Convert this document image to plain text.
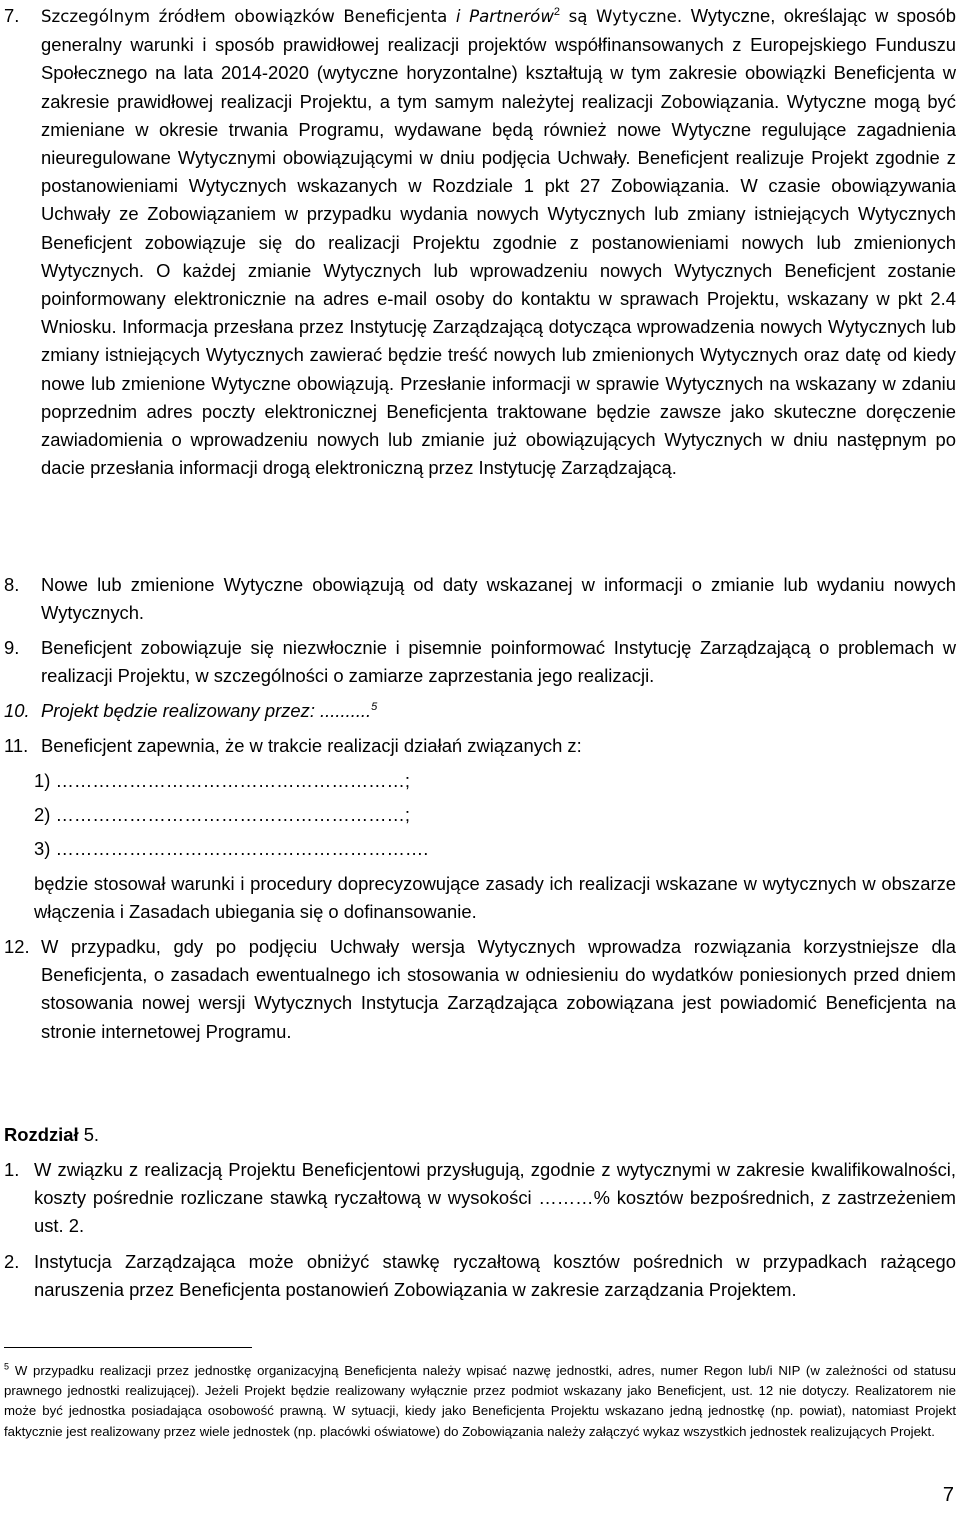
7. Szczególnym źródłem obowiązków Beneficjenta i Partnerów$^2$ są Wytyczne. Wytyczne, określając w sposób generalny warunki i sposób prawidłowej realizacji projektów współfinansowanych z Europejskiego Funduszu Społecznego na lata 2014-2020 (wytyczne horyzontalne) kształtują w tym zakresie obowiązki Beneficjenta w zakresie prawidłowej realizacji Projektu, a tym samym należytej realizacji Zobowiązania. Wytyczne mogą być zmieniane w okresie trwania Programu, wydawane będą również nowe Wytyczne regulujące zagadnienia nieuregulowane Wytycznymi obowiązującymi w dniu podjęcia Uchwały. Beneficjent realizuje Projekt zgodnie z postanowieniami Wytycznych wskazanych w Rozdziale 1 pkt 27 Zobowiązania. W czasie obowiązywania Uchwały ze Zobowiązaniem w przypadku wydania nowych Wytycznych lub zmiany istniejących Wytycznych Beneficjent zobowiązuje się do realizacji Projektu zgodnie z postanowieniami nowych lub zmienionych Wytycznych. O każdej zmianie Wytycznych lub wprowadzeniu nowych Wytycznych Beneficjent zostanie poinformowany elektronicznie na adres e-mail osoby do kontaktu w sprawach Projektu, wskazany w pkt 2.4 Wniosku. Informacja przesłana przez Instytucję Zarządzającą dotycząca wprowadzenia nowych Wytycznych lub zmiany istniejących Wytycznych zawierać będzie treść nowych lub zmienionych Wytycznych oraz datę od kiedy nowe lub zmienione Wytyczne obowiązują. Przesłanie informacji w sprawie Wytycznych na wskazany w zdaniu poprzednim adres poczty elektronicznej Beneficjenta traktowane będzie zawsze jako skuteczne doręczenie zawiadomienia o wprowadzeniu nowych lub zmianie już obowiązujących Wytycznych w dniu następnym po dacie przesłania informacji drogą elektroniczną przez Instytucję Zarządzającą.

8. Nowe lub zmienione Wytyczne obowiązują od daty wskazanej w informacji o zmianie lub wydaniu nowych Wytycznych.

9. Beneficjent zobowiązuje się niezwłocznie i pisemnie poinformować Instytucję Zarządzającą o problemach w realizacji Projektu, w szczególności o zamiarze zaprzestania jego realizacji.

10. Projekt będzie realizowany przez: ..........$^5$

11. Beneficjent zapewnia, że w trakcie realizacji działań związanych z:

1) …………………………………………………;
2) …………………………………………………;
3) …………………………………………………….

będzie stosował warunki i procedury doprecyzowujące zasady ich realizacji wskazane w wytycznych w obszarze włączenia i Zasadach ubiegania się o dofinansowanie.

12. W przypadku, gdy po podjęciu Uchwały wersja Wytycznych wprowadza rozwiązania korzystniejsze dla Beneficjenta, o zasadach ewentualnego ich stosowania w odniesieniu do wydatków poniesionych przed dniem stosowania nowej wersji Wytycznych Instytucja Zarządzająca zobowiązana jest powiadomić Beneficjenta na stronie internetowej Programu.

Rozdział 5.
1. W związku z realizacją Projektu Beneficjentowi przysługują, zgodnie z wytycznymi w zakresie kwalifikowalności, koszty pośrednie rozliczane stawką ryczałtową w wysokości ………% kosztów bezpośrednich, z zastrzeżeniem ust. 2.

2. Instytucja Zarządzająca może obniżyć stawkę ryczałtową kosztów pośrednich w przypadkach rażącego naruszenia przez Beneficjenta postanowień Zobowiązania w zakresie zarządzania Projektem.

$^5$ W przypadku realizacji przez jednostkę organizacyjną Beneficjenta należy wpisać nazwę jednostki, adres, numer Regon lub/i NIP (w zależności od statusu prawnego jednostki realizującej). Jeżeli Projekt będzie realizowany wyłącznie przez podmiot wskazany jako Beneficjent, ust. 12 nie dotyczy. Realizatorem nie może być jednostka posiadająca osobowość prawną. W sytuacji, kiedy jako Beneficjenta Projektu wskazano jedną jednostkę (np. powiat), natomiast Projekt faktycznie jest realizowany przez wiele jednostek (np. placówki oświatowe) do Zobowiązania należy załączyć wykaz wszystkich jednostek realizujących Projekt.
7
